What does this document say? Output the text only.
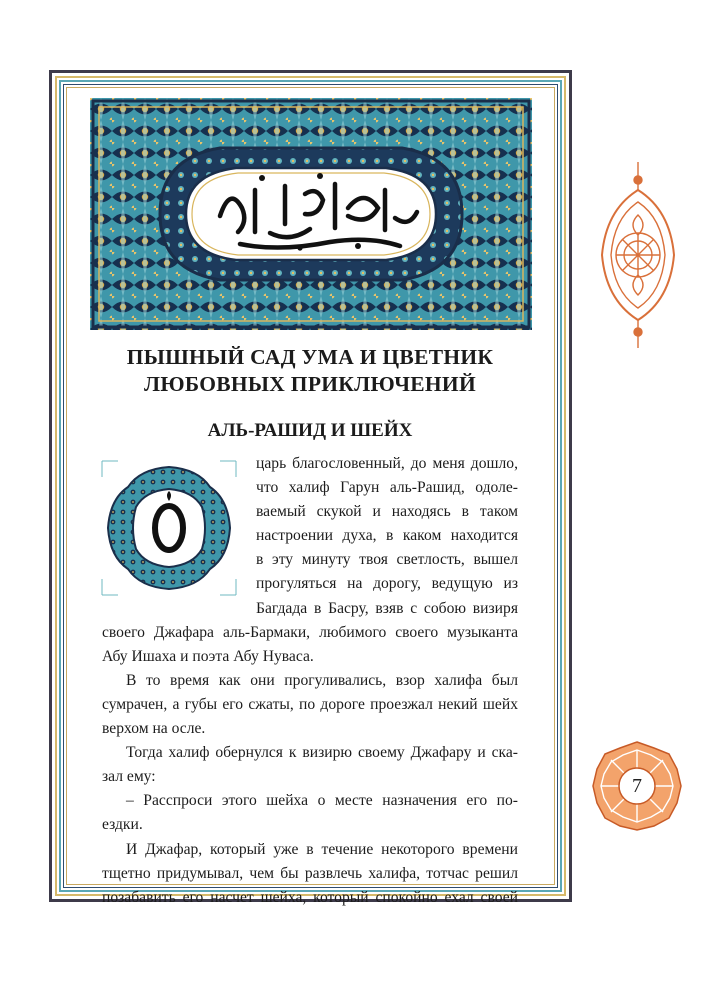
بالأزواج وجنة الطرافة البستان الزاهر
7
ПЫШНЫЙ САД УМА И ЦВЕТНИК
ЛЮБОВНЫХ ПРИКЛЮЧЕНИЙ
АЛЬ-РАШИД И ШЕЙХ
царь благословенный, до меня дошло,
что халиф Гарун аль-Рашид, одоле-
ваемый скукой и находясь в таком
настроении духа, в каком находится
в эту минуту твоя светлость, вышел
прогуляться на дорогу, ведущую из
Багдада в Басру, взяв с собою визиря
своего Джафара аль-Бармаки, любимого своего музыканта
Абу Ишаха и поэта Абу Нуваса.
В то время как они прогуливались, взор халифа был
сумрачен, а губы его сжаты, по дороге проезжал некий шейх
верхом на осле.
Тогда халиф обернулся к визирю своему Джафару и ска-
зал ему:
– Расспроси этого шейха о месте назначения его по-
ездки.
И Джафар, который уже в течение некоторого времени
тщетно придумывал, чем бы развлечь халифа, тотчас решил
позабавить его насчет шейха, который спокойно ехал своей
